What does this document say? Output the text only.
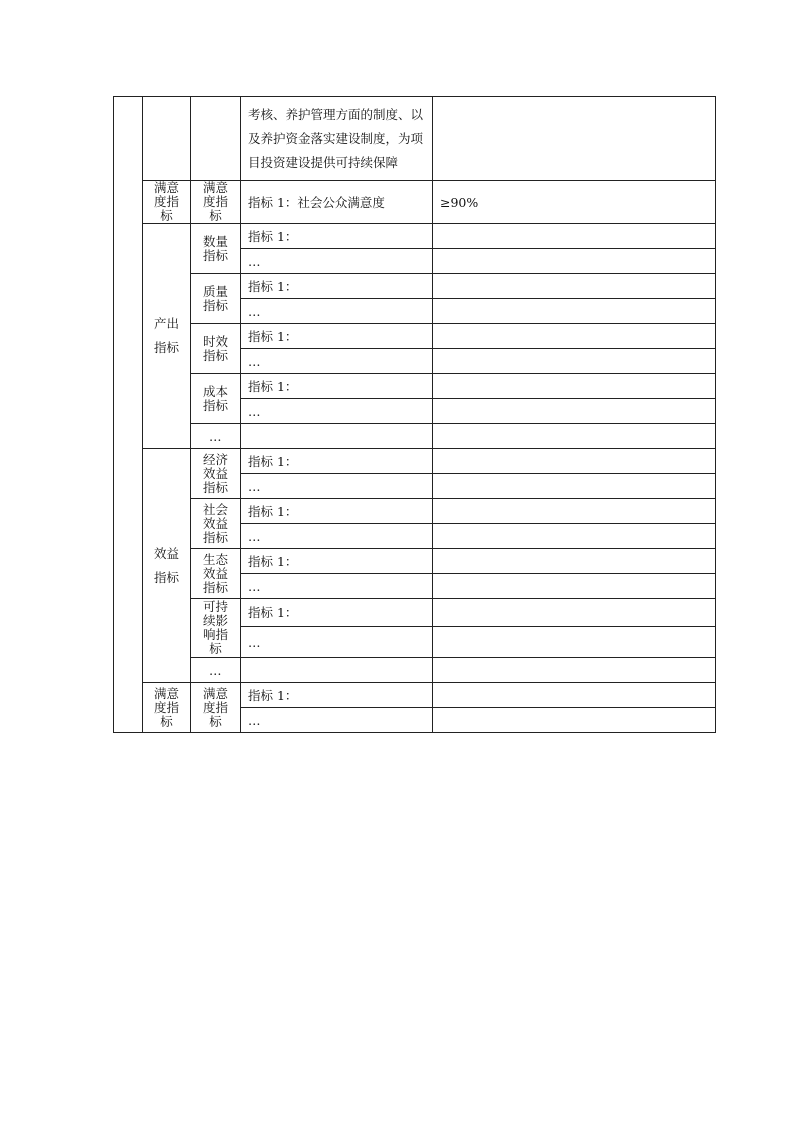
			考核、养护管理方面的制度、以及养护资金落实建设制度，为项目投资建设提供可持续保障	

	满意度指标	满意度指标	指标 1：社会公众满意度	≥90%

	产出指标	数量指标	指标 1：	
			…	

		质量指标	指标 1：	
			…	

		时效指标	指标 1：	
			…	

		成本指标	指标 1：	
			…	
		…		

	效益指标	经济效益指标	指标 1：	
			…	

		社会效益指标	指标 1：	
			…	

		生态效益指标	指标 1：	
			…	

		可持续影响指标	指标 1：	
			…	
		…		

	满意度指标	满意度指标	指标 1：	
			…	
